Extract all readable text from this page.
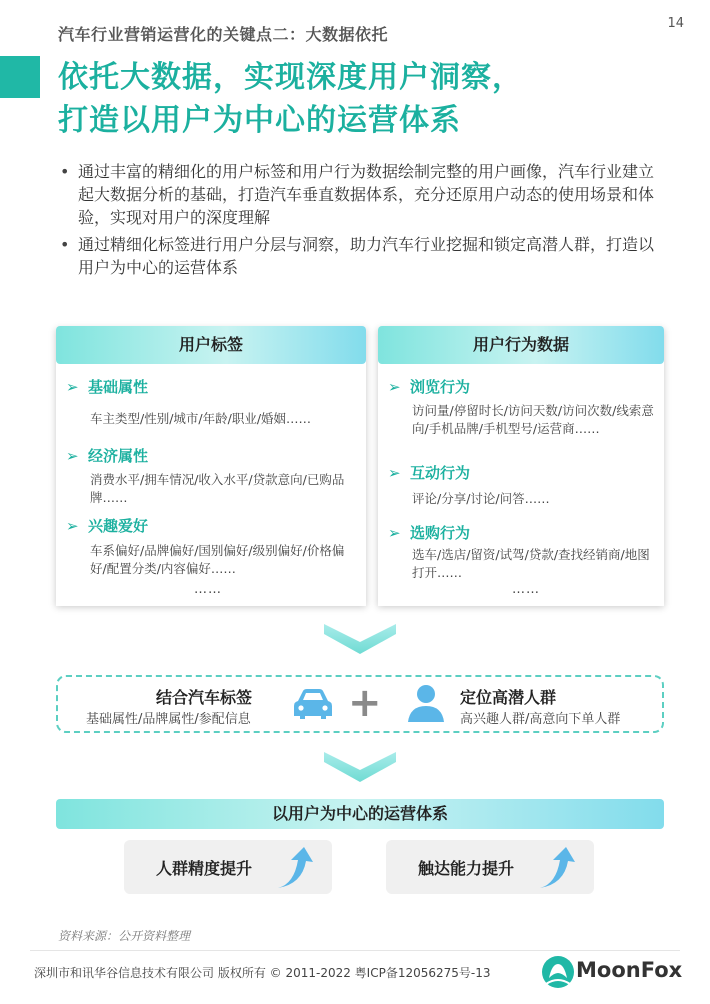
14
汽车行业营销运营化的关键点二：大数据依托
依托大数据，实现深度用户洞察，
打造以用户为中心的运营体系
• 通过丰富的精细化的用户标签和用户行为数据绘制完整的用户画像，汽车行业建立起大数据分析的基础，打造汽车垂直数据体系，充分还原用户动态的使用场景和体验，实现对用户的深度理解
• 通过精细化标签进行用户分层与洞察，助力汽车行业挖掘和锁定高潜人群，打造以用户为中心的运营体系
用户标签
➢ 基础属性
车主类型/性别/城市/年龄/职业/婚姻……
➢ 经济属性
消费水平/拥车情况/收入水平/贷款意向/已购品牌……
➢ 兴趣爱好
车系偏好/品牌偏好/国别偏好/级别偏好/价格偏好/配置分类/内容偏好……
……
用户行为数据
➢ 浏览行为
访问量/停留时长/访问天数/访问次数/线索意向/手机品牌/手机型号/运营商……
➢ 互动行为
评论/分享/讨论/问答……
➢ 选购行为
选车/选店/留资/试驾/贷款/查找经销商/地图打开……
……
结合汽车标签
基础属性/品牌属性/参配信息 +	定位高潜人群
高兴趣人群/高意向下单人群
以用户为中心的运营体系
人群精度提升	触达能力提升
资料来源：公开资料整理
深圳市和讯华谷信息技术有限公司 版权所有 © 2011-2022 粤ICP备12056275号-13	MoonFox
